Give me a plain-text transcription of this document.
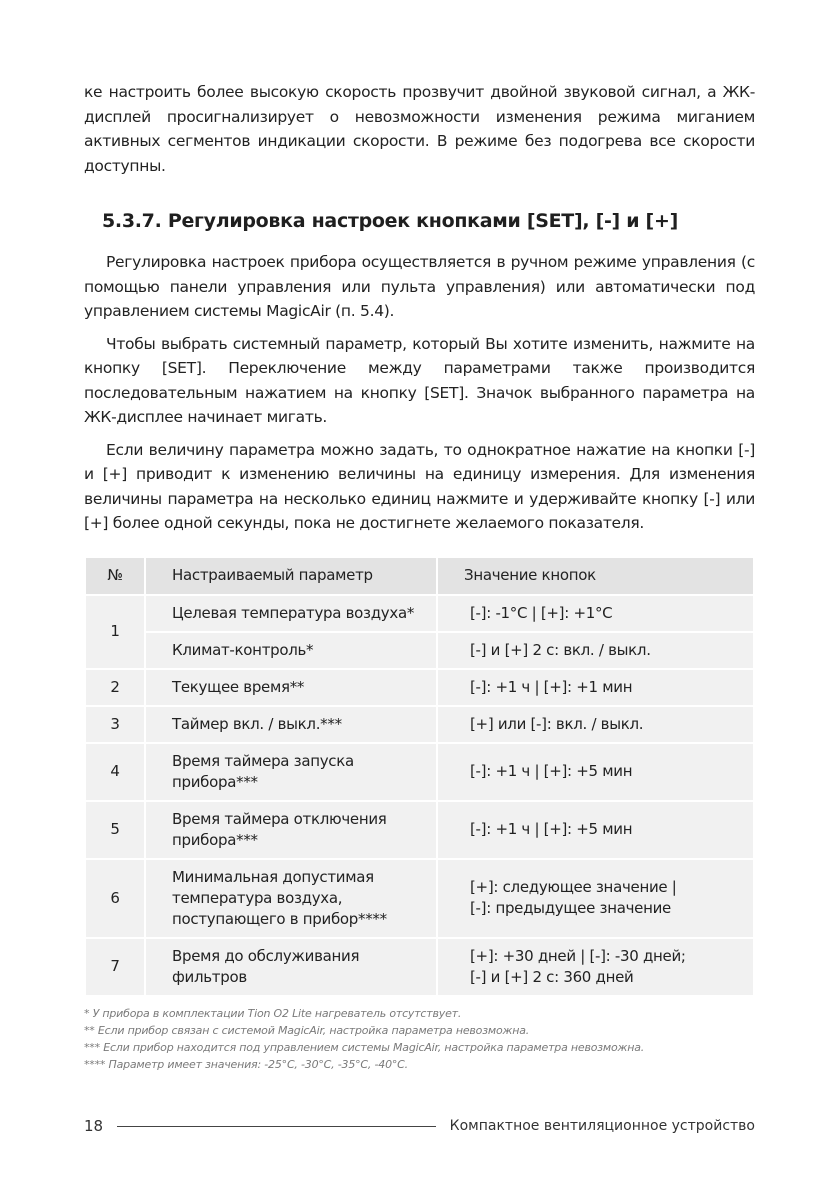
ке настроить более высокую скорость прозвучит двойной звуковой сигнал, а ЖК-дисплей просигнализирует о невозможности изменения режима миганием активных сегментов индикации скорости. В режиме без подогрева все скорости доступны.

5.3.7. Регулировка настроек кнопками [SET], [-] и [+]

Регулировка настроек прибора осуществляется в ручном режиме управления (с помощью панели управления или пульта управления) или автоматически под управлением системы MagicAir (п. 5.4).

Чтобы выбрать системный параметр, который Вы хотите изменить, нажмите на кнопку [SET]. Переключение между параметрами также производится последовательным нажатием на кнопку [SET]. Значок выбранного параметра на ЖК-дисплее начинает мигать.

Если величину параметра можно задать, то однократное нажатие на кнопки [-] и [+] приводит к изменению величины на единицу измерения. Для изменения величины параметра на несколько единиц нажмите и удерживайте кнопку [-] или [+] более одной секунды, пока не достигнете желаемого показателя.

№	Настраиваемый параметр	Значение кнопок
1	Целевая температура воздуха*	[-]: -1°C | [+]: +1°C
	Климат-контроль*	[-] и [+] 2 с: вкл. / выкл.
2	Текущее время**	[-]: +1 ч | [+]: +1 мин
3	Таймер вкл. / выкл.***	[+] или [-]: вкл. / выкл.
4	Время таймера запуска прибора***	[-]: +1 ч | [+]: +5 мин
5	Время таймера отключения прибора***	[-]: +1 ч | [+]: +5 мин
6	Минимальная допустимая температура воздуха, поступающего в прибор****	[+]: следующее значение |
[-]: предыдущее значение
7	Время до обслуживания фильтров	[+]: +30 дней | [-]: -30 дней;
[-] и [+] 2 с: 360 дней
* У прибора в комплектации Tion O2 Lite нагреватель отсутствует.
** Если прибор связан с системой MagicAir, настройка параметра невозможна.
*** Если прибор находится под управлением системы MagicAir, настройка параметра невозможна.
**** Параметр имеет значения: -25°C, -30°C, -35°C, -40°C.
18	Компактное вентиляционное устройство
